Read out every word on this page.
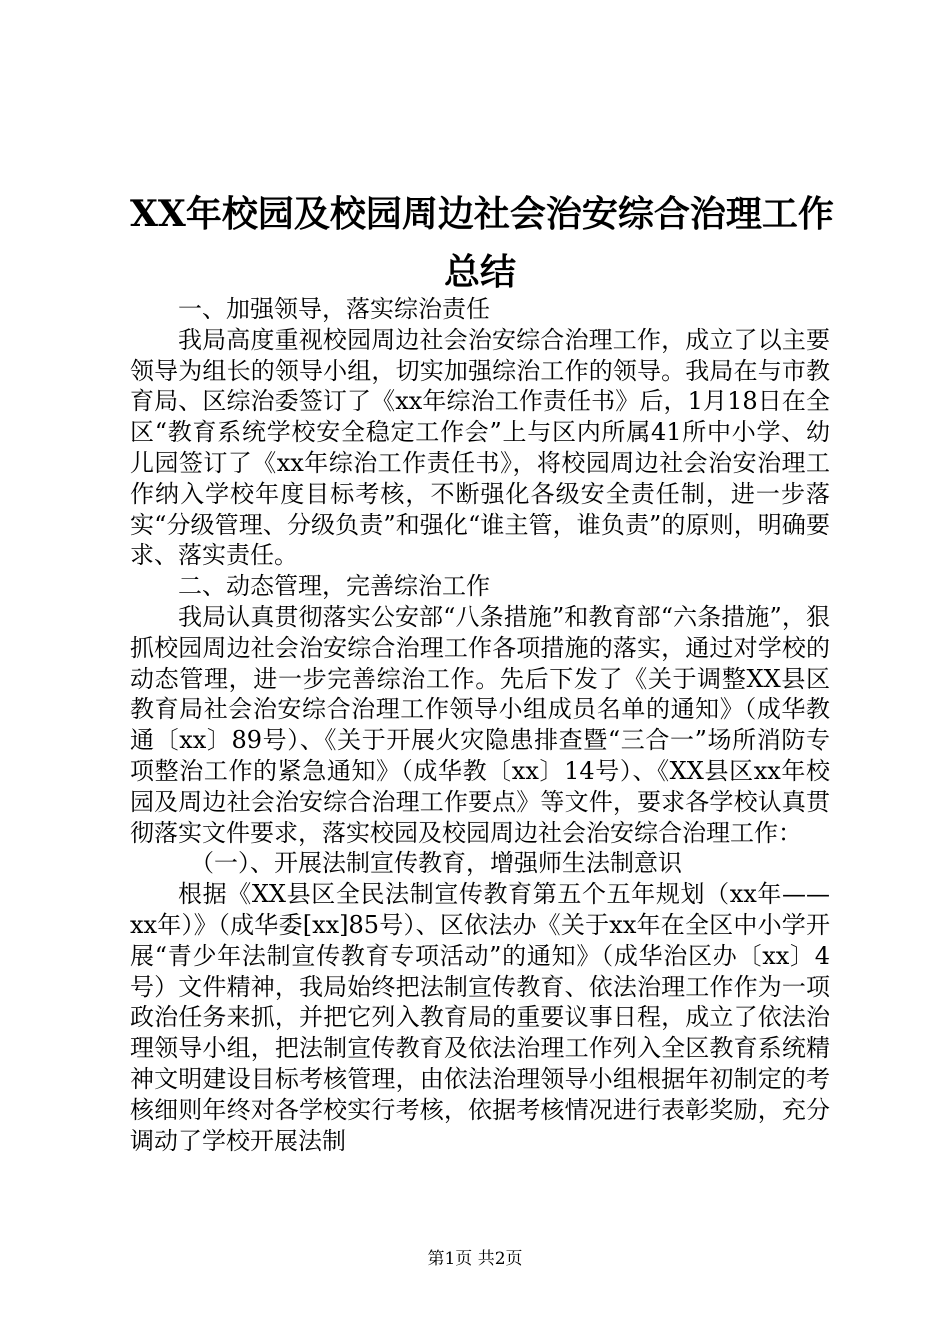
XX年校园及校园周边社会治安综合治理工作
总结

一、加强领导，落实综治责任

我局高度重视校园周边社会治安综合治理工作，成立了以主要领导为组长的领导小组，切实加强综治工作的领导。我局在与市教育局、区综治委签订了《xx年综治工作责任书》后，1月18日在全区“教育系统学校安全稳定工作会”上与区内所属41所中小学、幼儿园签订了《xx年综治工作责任书》，将校园周边社会治安治理工作纳入学校年度目标考核，不断强化各级安全责任制，进一步落实“分级管理、分级负责”和强化“谁主管，谁负责”的原则，明确要求、落实责任。

二、动态管理，完善综治工作

我局认真贯彻落实公安部“八条措施”和教育部“六条措施”，狠抓校园周边社会治安综合治理工作各项措施的落实，通过对学校的动态管理，进一步完善综治工作。先后下发了《关于调整XX县区教育局社会治安综合治理工作领导小组成员名单的通知》（成华教通〔xx〕89号）、《关于开展火灾隐患排查暨“三合一”场所消防专项整治工作的紧急通知》（成华教〔xx〕14号）、《XX县区xx年校园及周边社会治安综合治理工作要点》等文件，要求各学校认真贯彻落实文件要求，落实校园及校园周边社会治安综合治理工作：

（一）、开展法制宣传教育，增强师生法制意识

根据《XX县区全民法制宣传教育第五个五年规划（xx年——xx年）》（成华委[xx]85号）、区依法办《关于xx年在全区中小学开展“青少年法制宣传教育专项活动”的通知》（成华治区办〔xx〕4号）文件精神，我局始终把法制宣传教育、依法治理工作作为一项政治任务来抓，并把它列入教育局的重要议事日程，成立了依法治理领导小组，把法制宣传教育及依法治理工作列入全区教育系统精神文明建设目标考核管理，由依法治理领导小组根据年初制定的考核细则年终对各学校实行考核，依据考核情况进行表彰奖励，充分调动了学校开展法制

第1页 共2页
